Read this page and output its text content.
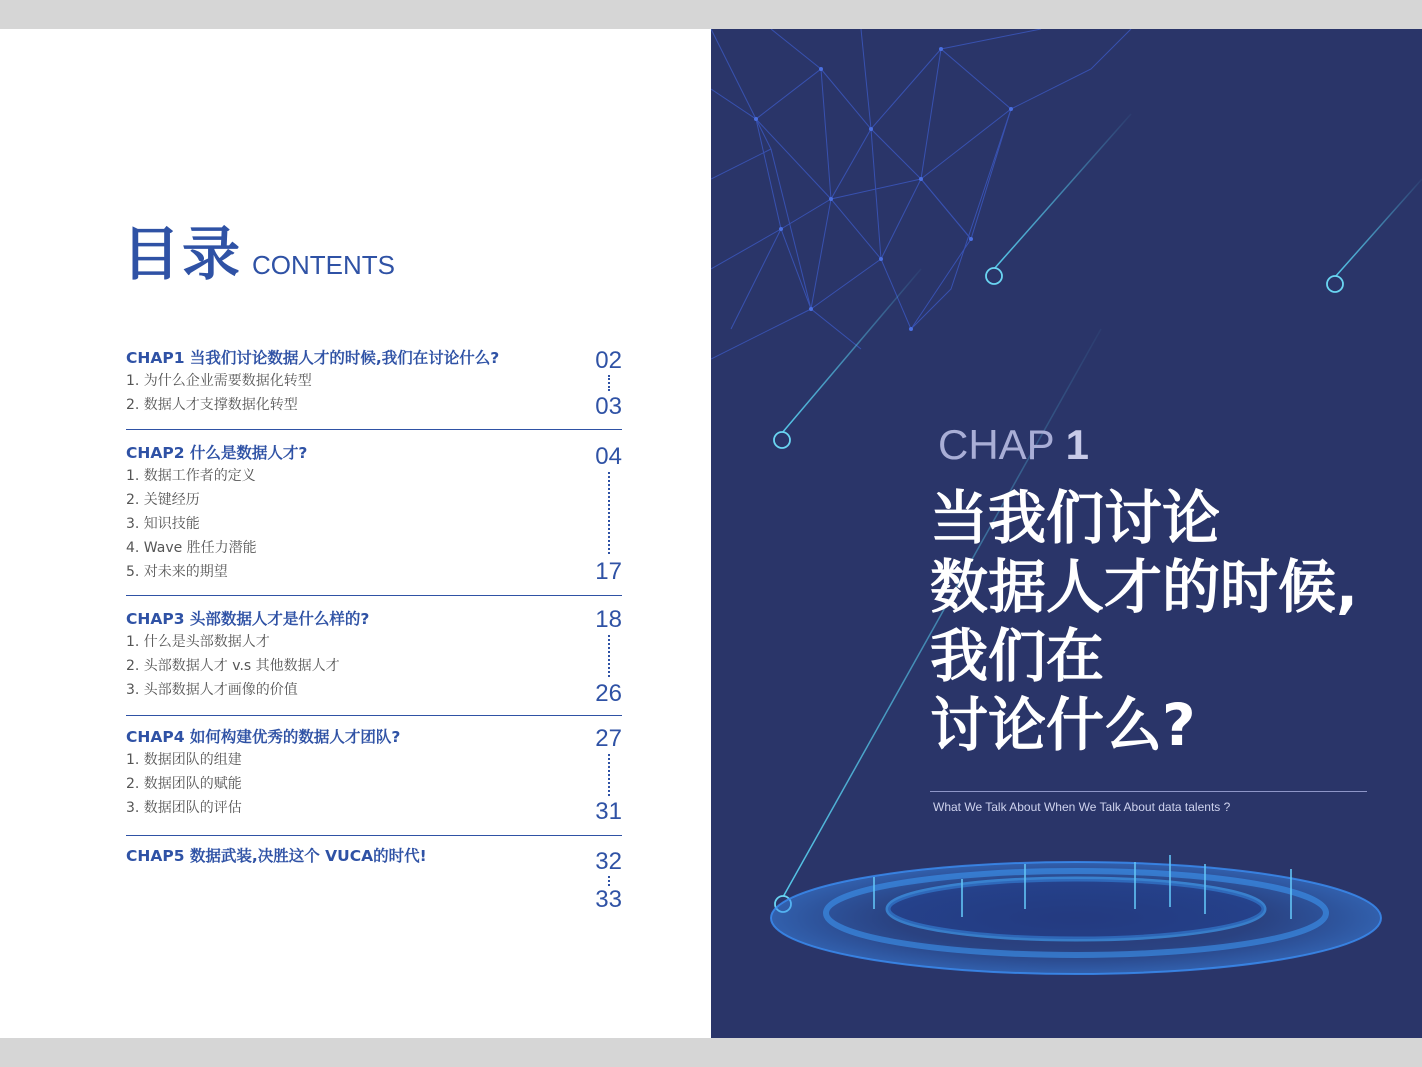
目录 CONTENTS
CHAP1 当我们讨论数据人才的时候,我们在讨论什么?
1. 为什么企业需要数据化转型
2. 数据人才支撑数据化转型
02
03
CHAP2 什么是数据人才?
1. 数据工作者的定义
2. 关键经历
3. 知识技能
4. Wave 胜任力潜能
5. 对未来的期望
04
17
CHAP3 头部数据人才是什么样的?
1. 什么是头部数据人才
2. 头部数据人才 v.s 其他数据人才
3. 头部数据人才画像的价值
18
26
CHAP4 如何构建优秀的数据人才团队?
1. 数据团队的组建
2. 数据团队的赋能
3. 数据团队的评估
27
31
CHAP5 数据武装,决胜这个 VUCA的时代!	32
33
CHAP 1
当我们讨论
数据人才的时候,
我们在
讨论什么?
What We Talk About When We Talk About data talents ?
